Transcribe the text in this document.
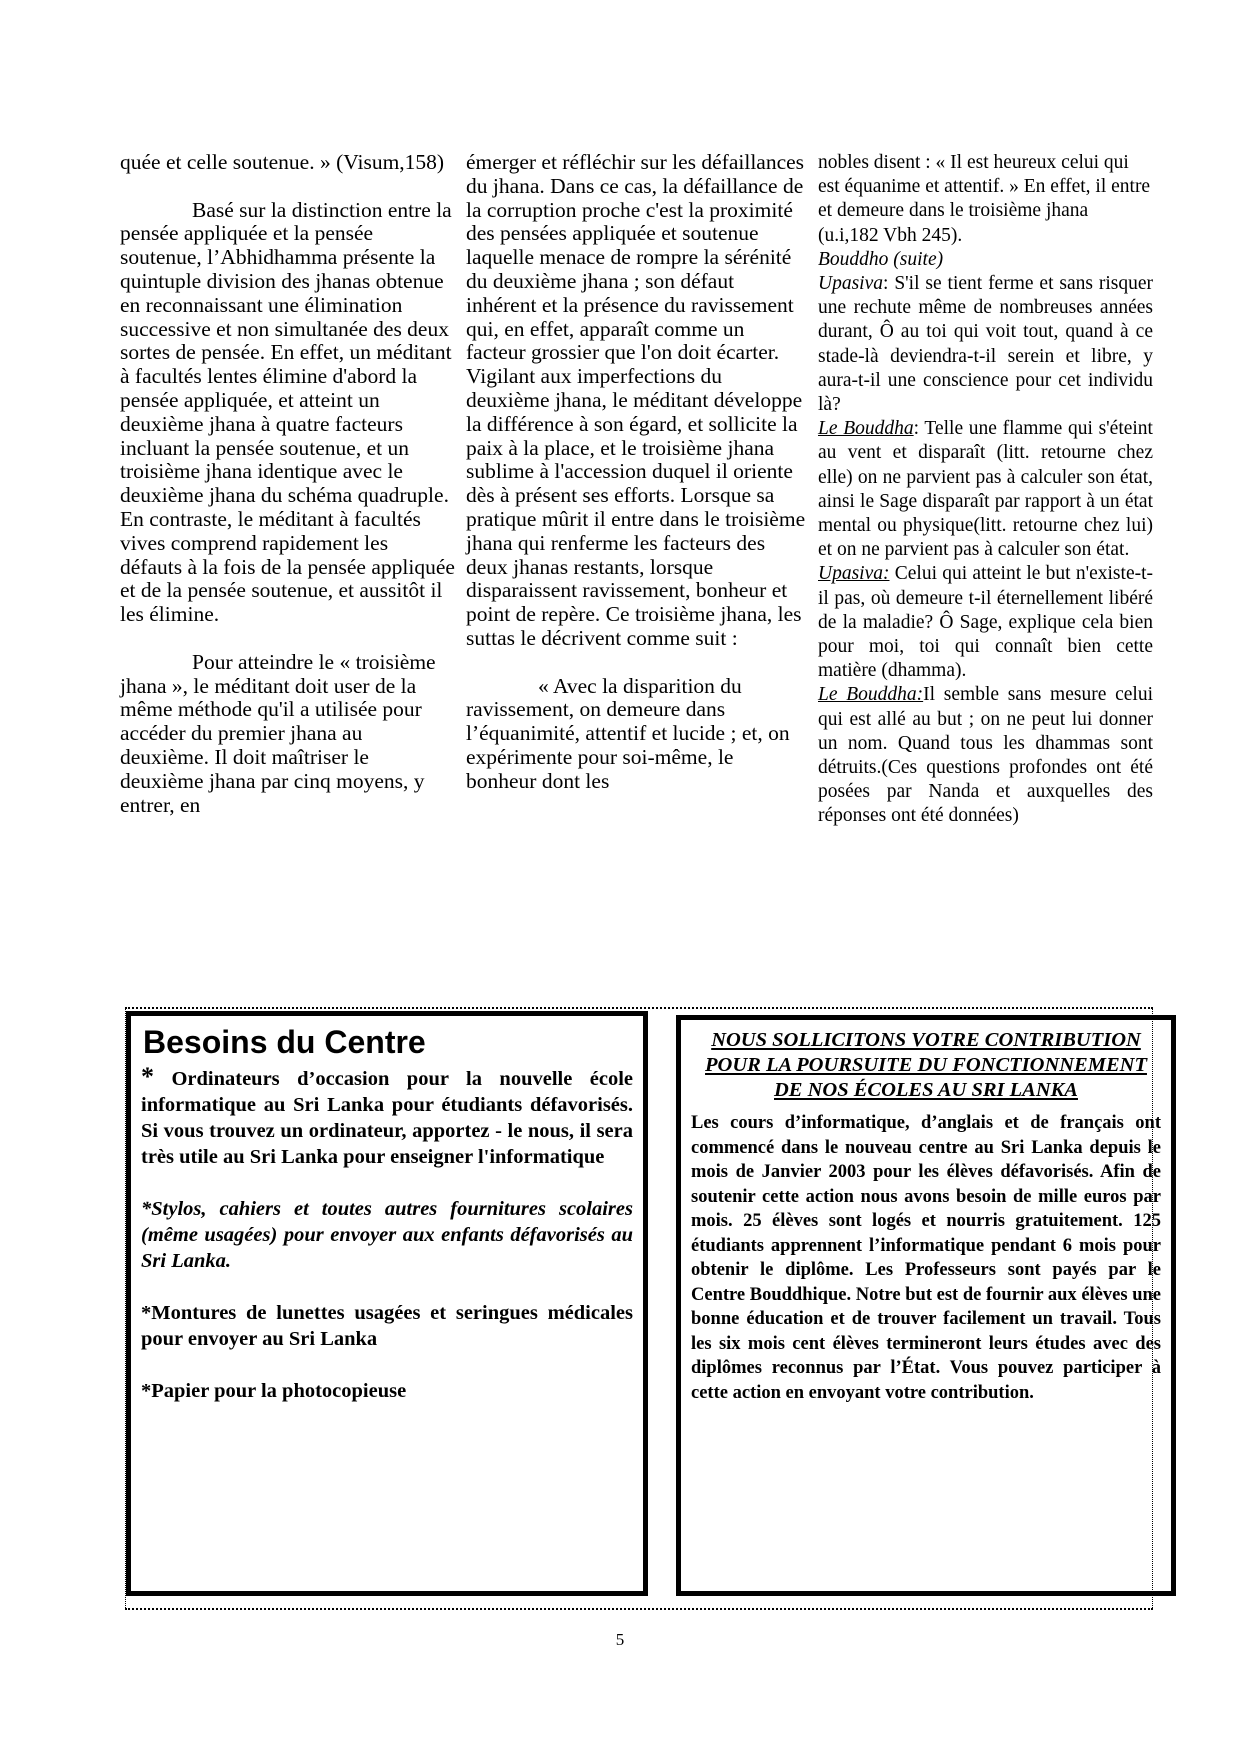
quée et celle soutenue. » (Visum,158)

Basé sur la distinction entre la pensée appliquée et la pensée soutenue, l’Abhidhamma présente la quintuple division des jhanas obtenue en reconnaissant une élimination successive et non simultanée des deux sortes de pensée. En effet, un méditant à facultés lentes élimine d'abord la pensée appliquée, et atteint un deuxième jhana à quatre facteurs incluant la pensée soutenue, et un troisième jhana identique avec le deuxième jhana du schéma quadruple. En contraste, le méditant à facultés vives comprend rapidement les défauts à la fois de la pensée appliquée et de la pensée soutenue, et aussitôt il les élimine.

Pour atteindre le « troisième jhana », le méditant doit user de la même méthode qu'il a utilisée pour accéder du premier jhana au deuxième. Il doit maîtriser le deuxième jhana par cinq moyens, y entrer, en

émerger et réfléchir sur les défaillances du jhana. Dans ce cas, la défaillance de la corruption proche c'est la proximité des pensées appliquée et soutenue laquelle menace de rompre la sérénité du deuxième jhana ; son défaut inhérent et la présence du ravissement qui, en effet, apparaît comme un facteur grossier que l'on doit écarter. Vigilant aux imperfections du deuxième jhana, le méditant développe la différence à son égard, et sollicite la paix à la place, et le troisième jhana sublime à l'accession duquel il oriente dès à présent ses efforts. Lorsque sa pratique mûrit il entre dans le troisième jhana qui renferme les facteurs des deux jhanas restants, lorsque disparaissent ravissement, bonheur et point de repère. Ce troisième jhana, les suttas le décrivent comme suit :

« Avec la disparition du ravissement, on demeure dans l’équanimité, attentif et lucide ; et, on expérimente pour soi-même, le bonheur dont les

nobles disent : « Il est heureux celui qui est équanime et attentif. » En effet, il entre et demeure dans le troisième jhana (u.i,182 Vbh 245).

Bouddho (suite)

Upasiva: S'il se tient ferme et sans risquer une rechute même de nombreuses années durant, Ô au toi qui voit tout, quand à ce stade-là deviendra-t-il serein et libre, y aura-t-il une conscience pour cet individu là?

Le Bouddha: Telle une flamme qui s'éteint au vent et disparaît (litt. retourne chez elle) on ne parvient pas à calculer son état, ainsi le Sage disparaît par rapport à un état mental ou physique(litt. retourne chez lui) et on ne parvient pas à calculer son état.

Upasiva: Celui qui atteint le but n'existe-t-il pas, où demeure t-il éternellement libéré de la maladie? Ô Sage, explique cela bien pour moi, toi qui connaît bien cette matière (dhamma).

Le Bouddha:Il semble sans mesure celui qui est allé au but ; on ne peut lui donner un nom. Quand tous les dhammas sont détruits.(Ces questions profondes ont été posées par Nanda et auxquelles des réponses ont été données)

Besoins du Centre

* Ordinateurs d’occasion pour la nouvelle école informatique au Sri Lanka pour étudiants défavorisés. Si vous trouvez un ordinateur, apportez - le nous, il sera très utile au Sri Lanka pour enseigner l'informatique

*Stylos, cahiers et toutes autres fournitures scolaires (même usagées) pour envoyer aux enfants défavorisés au Sri Lanka.

*Montures de lunettes usagées et seringues médicales pour envoyer au Sri Lanka

*Papier pour la photocopieuse

NOUS SOLLICITONS VOTRE CONTRIBUTION POUR LA POURSUITE DU FONCTIONNEMENT DE NOS ÉCOLES AU SRI LANKA

Les cours d’informatique, d’anglais et de français ont commencé dans le nouveau centre au Sri Lanka depuis le mois de Janvier 2003 pour les élèves défavorisés. Afin de soutenir cette action nous avons besoin de mille euros par mois. 25 élèves sont logés et nourris gratuitement. 125 étudiants apprennent l’informatique pendant 6 mois pour obtenir le diplôme. Les Professeurs sont payés par le Centre Bouddhique. Notre but est de fournir aux élèves une bonne éducation et de trouver facilement un travail. Tous les six mois cent élèves termineront leurs études avec des diplômes reconnus par l’État. Vous pouvez participer à cette action en envoyant votre contribution.

5
